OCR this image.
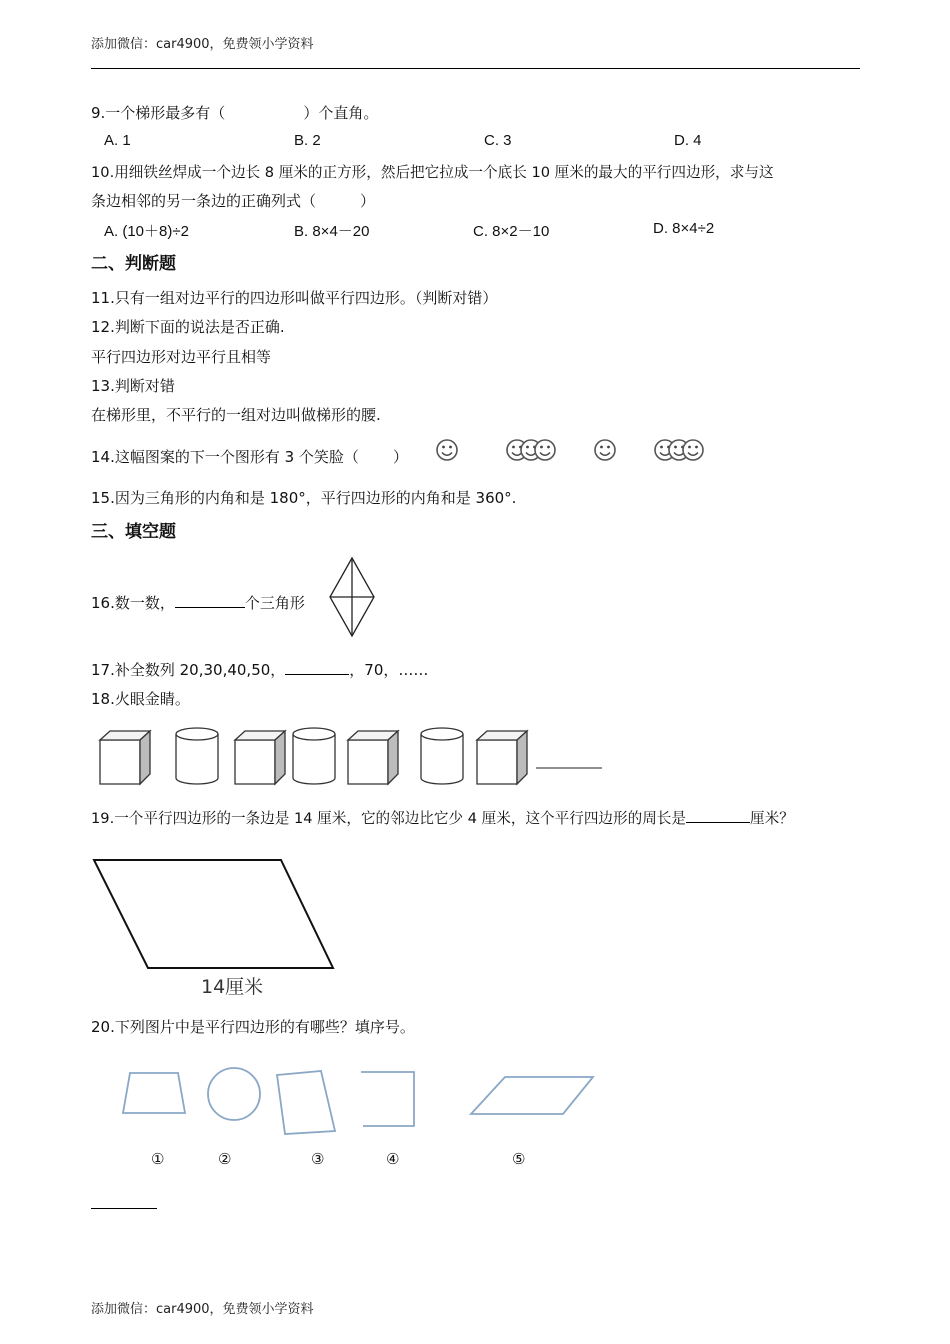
添加微信：car4900，免费领小学资料
9.一个梯形最多有（	）个直角。
A. 1	B. 2	C. 3	D. 4
10.用细铁丝焊成一个边长 8 厘米的正方形，然后把它拉成一个底长 10 厘米的最大的平行四边形，求与这
条边相邻的另一条边的正确列式（	）
A. (10＋8)÷2	B. 8×4－20	C. 8×2－10	D. 8×4÷2
二、判断题
11.只有一组对边平行的四边形叫做平行四边形。（判断对错）
12.判断下面的说法是否正确.
平行四边形对边平行且相等
13.判断对错
在梯形里，不平行的一组对边叫做梯形的腰.
14.这幅图案的下一个图形有 3 个笑脸（ ）
15.因为三角形的内角和是 180°，平行四边形的内角和是 360°.
三、填空题
16.数一数，	个三角形
17.补全数列 20,30,40,50，	，70，……
18.火眼金睛。
19.一个平行四边形的一条边是 14 厘米，它的邻边比它少 4 厘米，这个平行四边形的周长是	厘米？
14厘米
20.下列图片中是平行四边形的有哪些？填序号。
①	②	③	④	⑤
添加微信：car4900，免费领小学资料
